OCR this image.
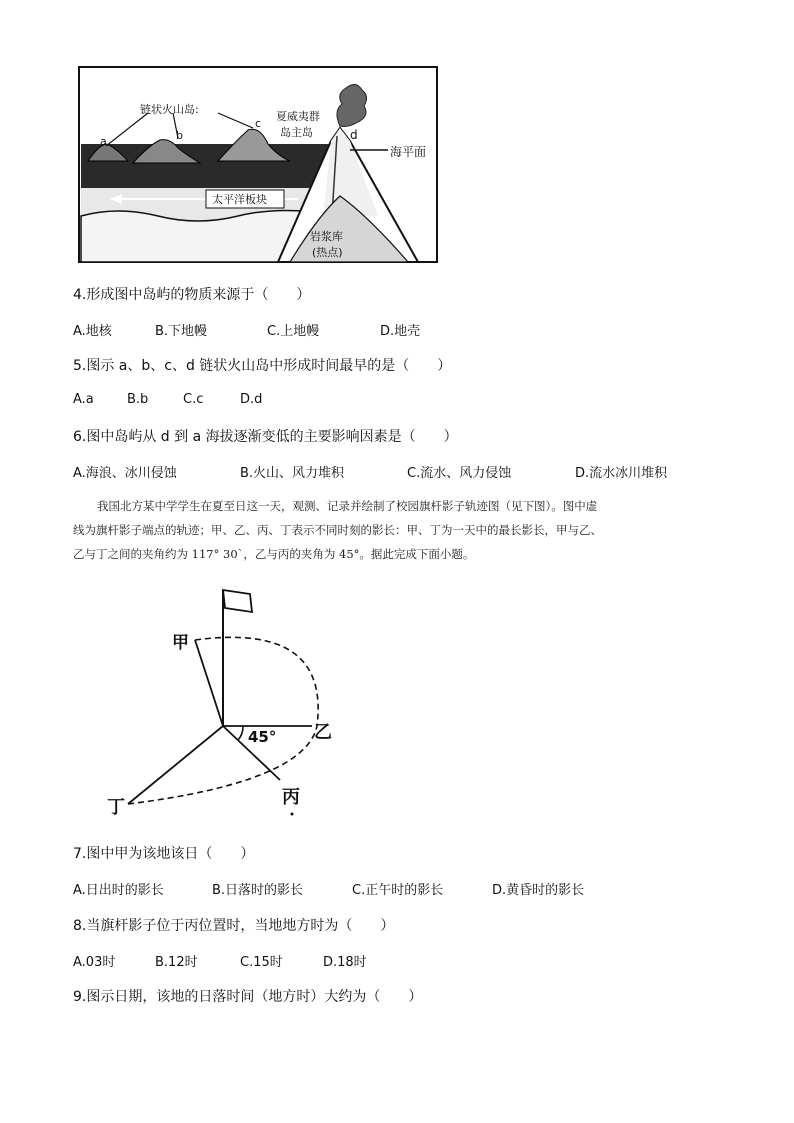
链状火山岛:
夏威夷群
岛主岛
海平面
太平洋板块
岩浆库
(热点)
a	b
c
d
4.形成图中岛屿的物质来源于（　　）
A.地核	B.下地幔	C.上地幔	D.地壳
5.图示 a、b、c、d 链状火山岛中形成时间最早的是（　　）
A.a	B.b	C.c	D.d
6.图中岛屿从 d 到 a 海拔逐渐变低的主要影响因素是（　　）
A.海浪、冰川侵蚀	B.火山、风力堆积	C.流水、风力侵蚀	D.流水冰川堆积
我国北方某中学学生在夏至日这一天，观测、记录并绘制了校园旗杆影子轨迹图（见下图）。图中虚
线为旗杆影子端点的轨迹；甲、乙、丙、丁表示不同时刻的影长：甲、丁为一天中的最长影长，甲与乙、
乙与丁之间的夹角约为 117° 30`，乙与丙的夹角为 45°。据此完成下面小题。
甲
乙
丙
丁
45°
7.图中甲为该地该日（　　）
A.日出时的影长	B.日落时的影长	C.正午时的影长	D.黄昏时的影长
8.当旗杆影子位于丙位置时，当地地方时为（　　）
A.03时	B.12时	C.15时	D.18时
9.图示日期，该地的日落时间（地方时）大约为（　　）
